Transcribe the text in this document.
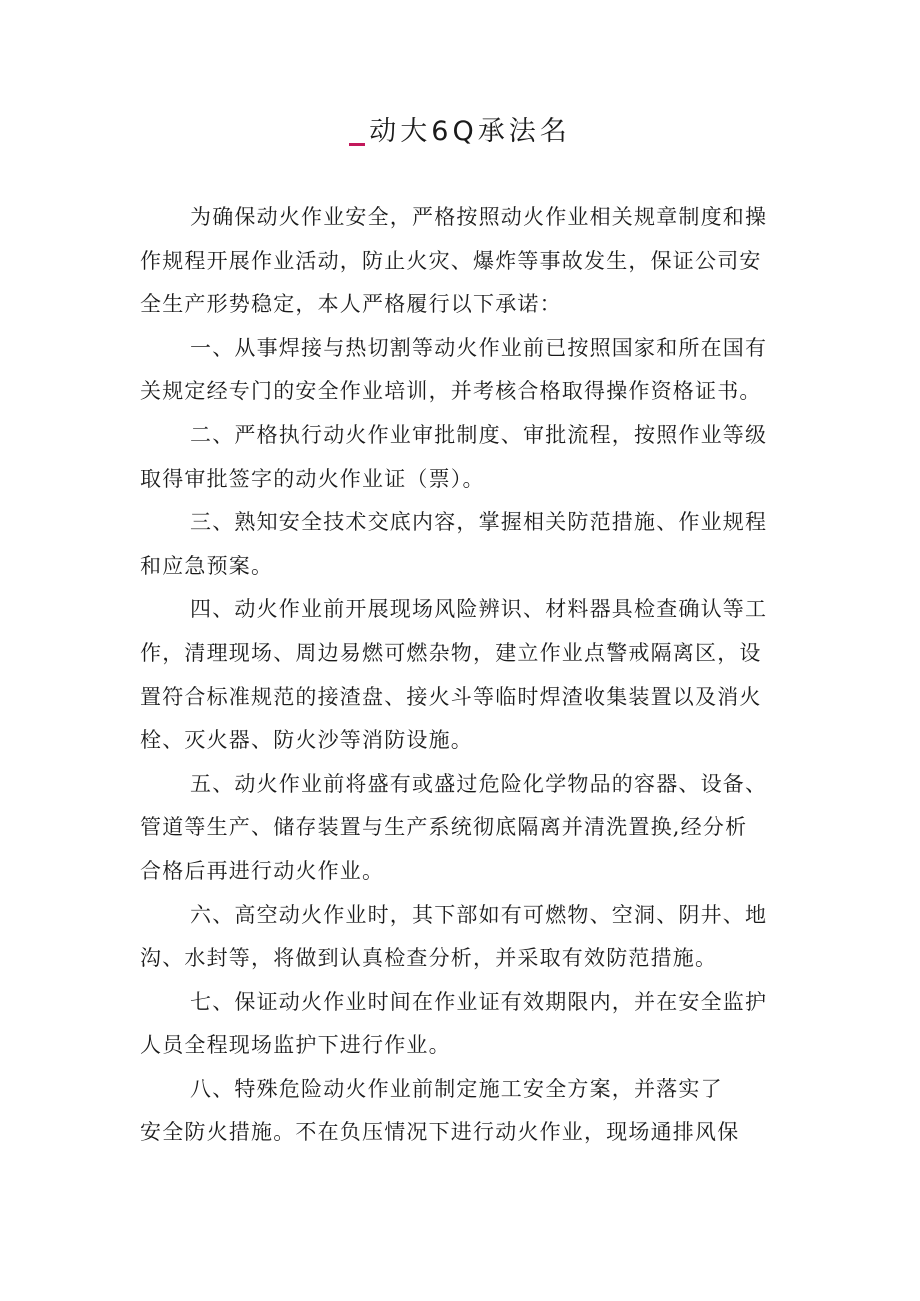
动大6Q承法名

为确保动火作业安全，严格按照动火作业相关规章制度和操
作规程开展作业活动，防止火灾、爆炸等事故发生，保证公司安
全生产形势稳定，本人严格履行以下承诺：

一、从事焊接与热切割等动火作业前已按照国家和所在国有
关规定经专门的安全作业培训，并考核合格取得操作资格证书。

二、严格执行动火作业审批制度、审批流程，按照作业等级
取得审批签字的动火作业证（票）。

三、熟知安全技术交底内容，掌握相关防范措施、作业规程
和应急预案。

四、动火作业前开展现场风险辨识、材料器具检查确认等工
作，清理现场、周边易燃可燃杂物，建立作业点警戒隔离区，设
置符合标准规范的接渣盘、接火斗等临时焊渣收集装置以及消火
栓、灭火器、防火沙等消防设施。

五、动火作业前将盛有或盛过危险化学物品的容器、设备、
管道等生产、储存装置与生产系统彻底隔离并清洗置换,经分析
合格后再进行动火作业。

六、高空动火作业时，其下部如有可燃物、空洞、阴井、地
沟、水封等，将做到认真检查分析，并采取有效防范措施。

七、保证动火作业时间在作业证有效期限内，并在安全监护
人员全程现场监护下进行作业。

八、特殊危险动火作业前制定施工安全方案，并落实了
安全防火措施。不在负压情况下进行动火作业，现场通排风保
